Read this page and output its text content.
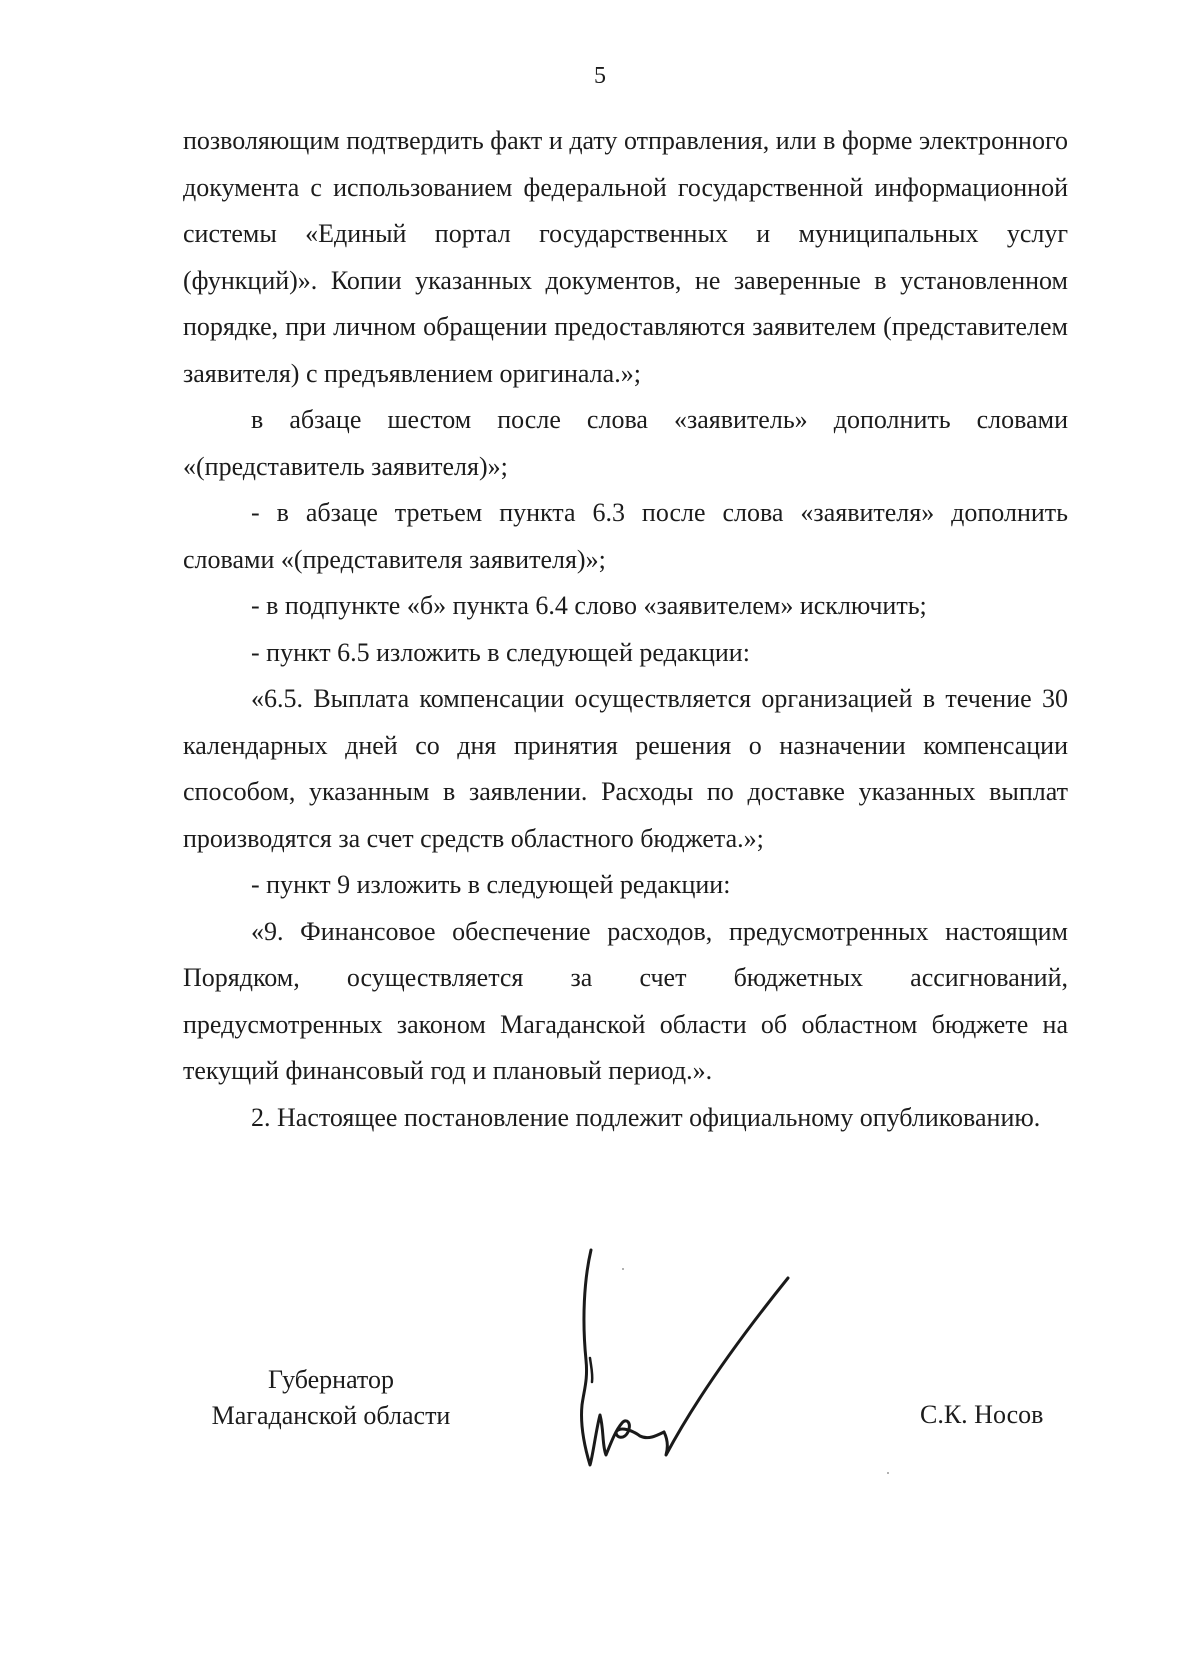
5

позволяющим подтвердить факт и дату отправления, или в форме электронного документа с использованием федеральной государственной информационной системы «Единый портал государственных и муниципальных услуг (функций)». Копии указанных документов, не заверенные в установленном порядке, при личном обращении предоставляются заявителем (представителем заявителя) с предъявлением оригинала.»;

в абзаце шестом после слова «заявитель» дополнить словами «(представитель заявителя)»;

- в абзаце третьем пункта 6.3 после слова «заявителя» дополнить словами «(представителя заявителя)»;

- в подпункте «б» пункта 6.4 слово «заявителем» исключить;

- пункт 6.5 изложить в следующей редакции:

«6.5. Выплата компенсации осуществляется организацией в течение 30 календарных дней со дня принятия решения о назначении компенсации способом, указанным в заявлении. Расходы по доставке указанных выплат производятся за счет средств областного бюджета.»;

- пункт 9 изложить в следующей редакции:

«9. Финансовое обеспечение расходов, предусмотренных настоящим Порядком, осуществляется за счет бюджетных ассигнований, предусмотренных законом Магаданской области об областном бюджете на текущий финансовый год и плановый период.».

2. Настоящее постановление подлежит официальному опубликованию.

Губернатор
Магаданской области	С.К. Носов
